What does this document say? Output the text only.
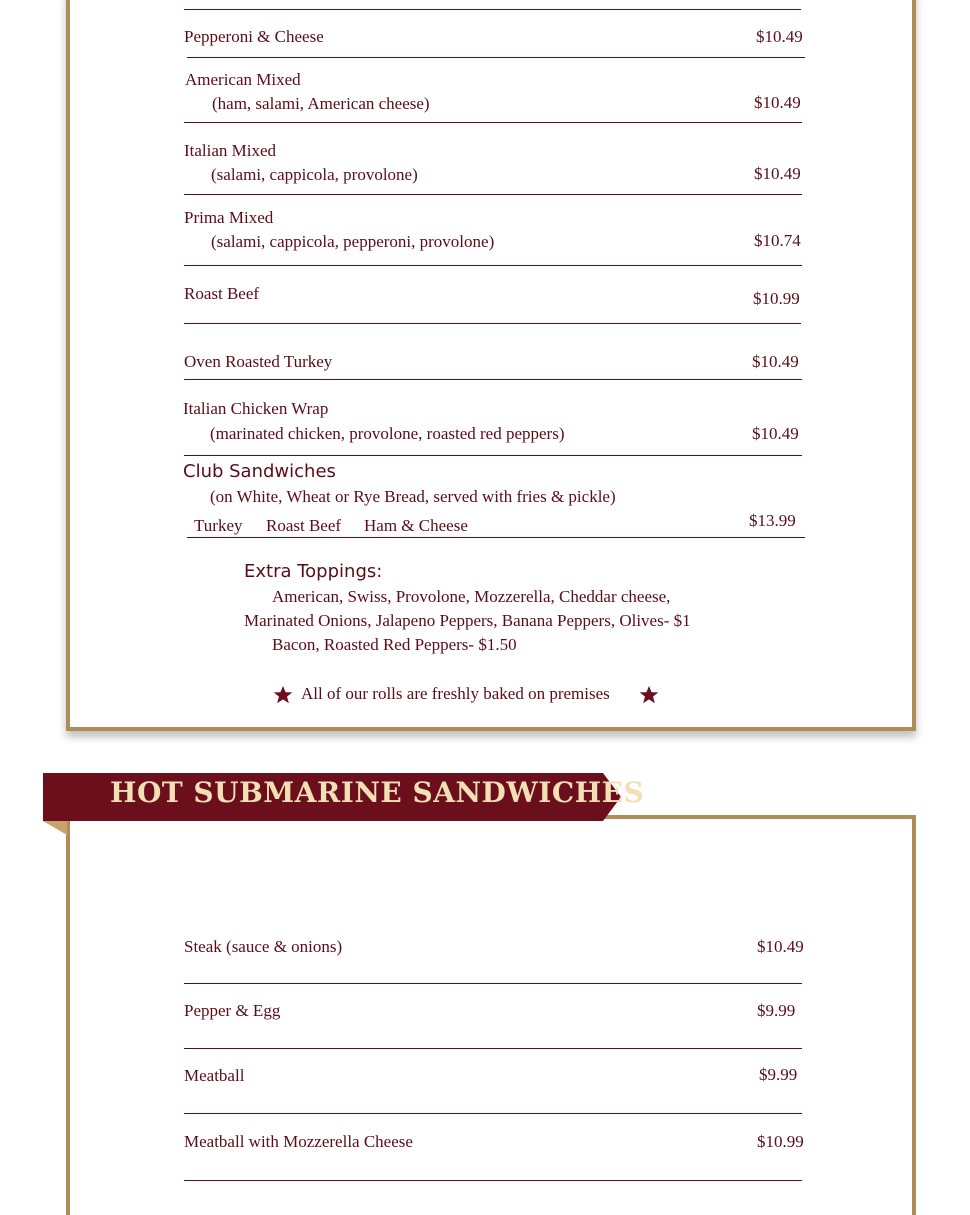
Pepperoni & Cheese	$10.49
American Mixed
(ham, salami, American cheese)	$10.49
Italian Mixed
(salami, cappicola, provolone)	$10.49
Prima Mixed
(salami, cappicola, pepperoni, provolone)	$10.74
Roast Beef	$10.99
Oven Roasted Turkey	$10.49
Italian Chicken Wrap
(marinated chicken, provolone, roasted red peppers)	$10.49
Club Sandwiches
(on White, Wheat or Rye Bread, served with fries & pickle)
Turkey Roast Beef Ham & Cheese	$13.99
Extra Toppings:
American, Swiss, Provolone, Mozzerella, Cheddar cheese,
Marinated Onions, Jalapeno Peppers, Banana Peppers, Olives- $1
Bacon, Roasted Red Peppers- $1.50
All of our rolls are freshly baked on premises
HOT SUBMARINE SANDWICHES
Steak (sauce & onions)	$10.49
Pepper & Egg	$9.99
Meatball	$9.99
Meatball with Mozzerella Cheese	$10.99
